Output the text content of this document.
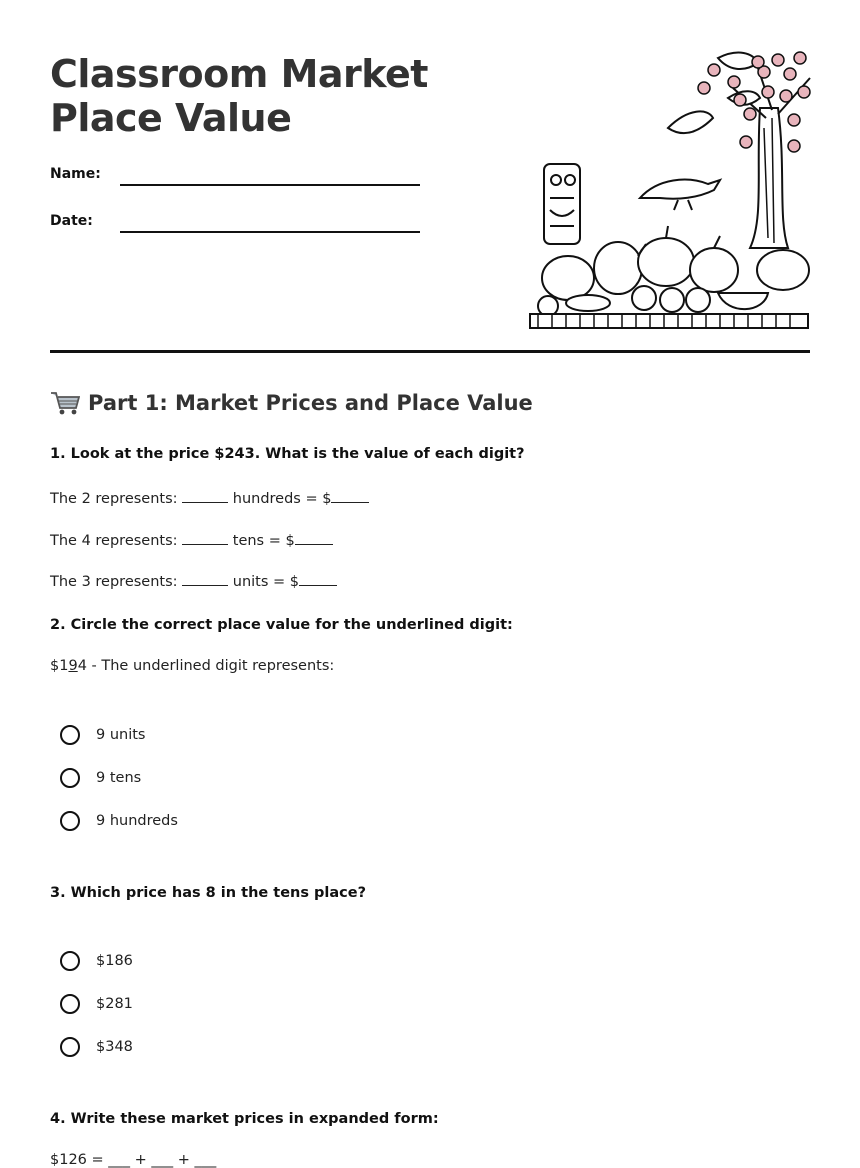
Classroom Market Place Value
Name:
Date:
Part 1: Market Prices and Place Value
1. Look at the price $243. What is the value of each digit?
The 2 represents:	hundreds = $
The 4 represents:	tens = $
The 3 represents:	units = $
2. Circle the correct place value for the underlined digit:
$194 - The underlined digit represents:
9 units
9 tens
9 hundreds
3. Which price has 8 in the tens place?
$186
$281
$348
4. Write these market prices in expanded form:
$126 = ___ + ___ + ___
